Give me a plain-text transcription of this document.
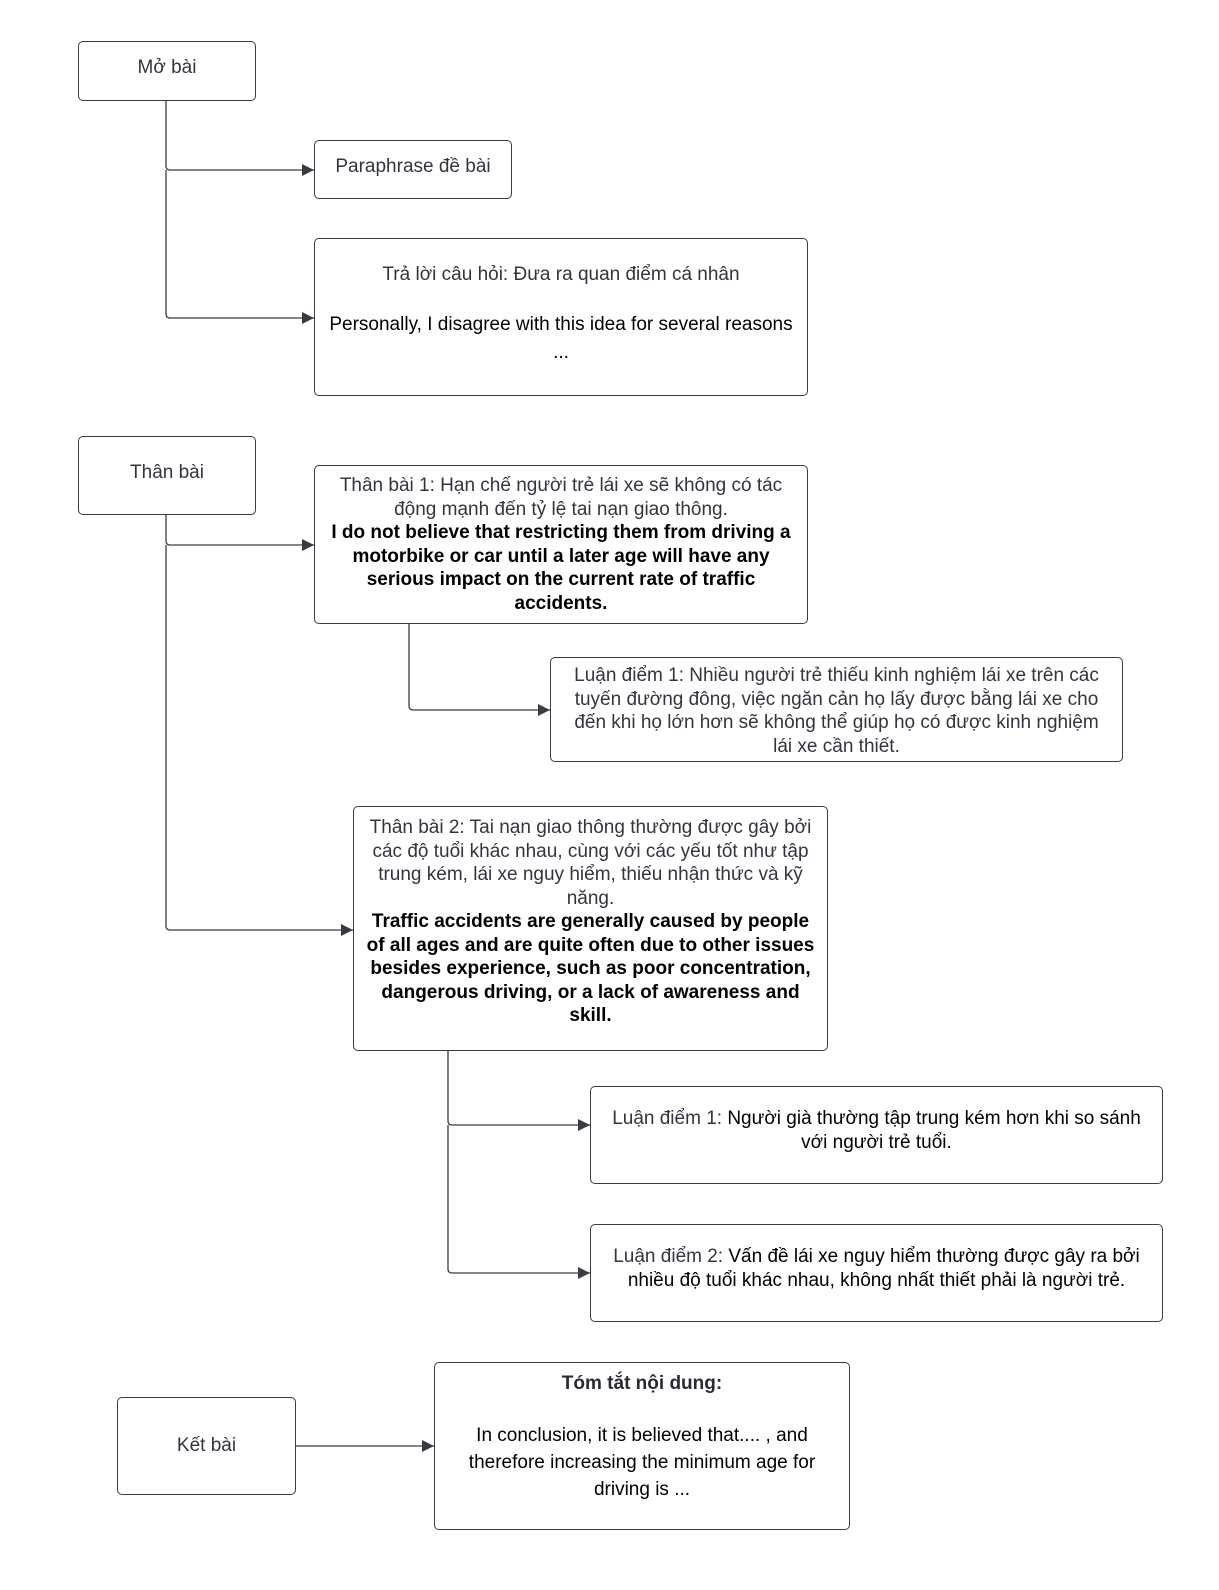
Mở bài
Paraphrase đề bài
Trả lời câu hỏi: Đưa ra quan điểm cá nhân
Personally, I disagree with this idea for several reasons ...
Thân bài
Thân bài 1: Hạn chế người trẻ lái xe sẽ không có tác động mạnh đến tỷ lệ tai nạn giao thông.
I do not believe that restricting them from driving a motorbike or car until a later age will have any serious impact on the current rate of traffic accidents.
Luận điểm 1: Nhiều người trẻ thiếu kinh nghiệm lái xe trên các tuyến đường đông, việc ngăn cản họ lấy được bằng lái xe cho đến khi họ lớn hơn sẽ không thể giúp họ có được kinh nghiệm lái xe cần thiết.
Thân bài 2: Tai nạn giao thông thường được gây bởi các độ tuổi khác nhau, cùng với các yếu tốt như tập trung kém, lái xe nguy hiểm, thiếu nhận thức và kỹ năng.
Traffic accidents are generally caused by people of all ages and are quite often due to other issues besides experience, such as poor concentration, dangerous driving, or a lack of awareness and skill.
Luận điểm 1: Người già thường tập trung kém hơn khi so sánh với người trẻ tuổi.
Luận điểm 2: Vấn đề lái xe nguy hiểm thường được gây ra bởi nhiều độ tuổi khác nhau, không nhất thiết phải là người trẻ.
Kết bài
Tóm tắt nội dung:
In conclusion, it is believed that.... , and therefore increasing the minimum age for driving is ...
